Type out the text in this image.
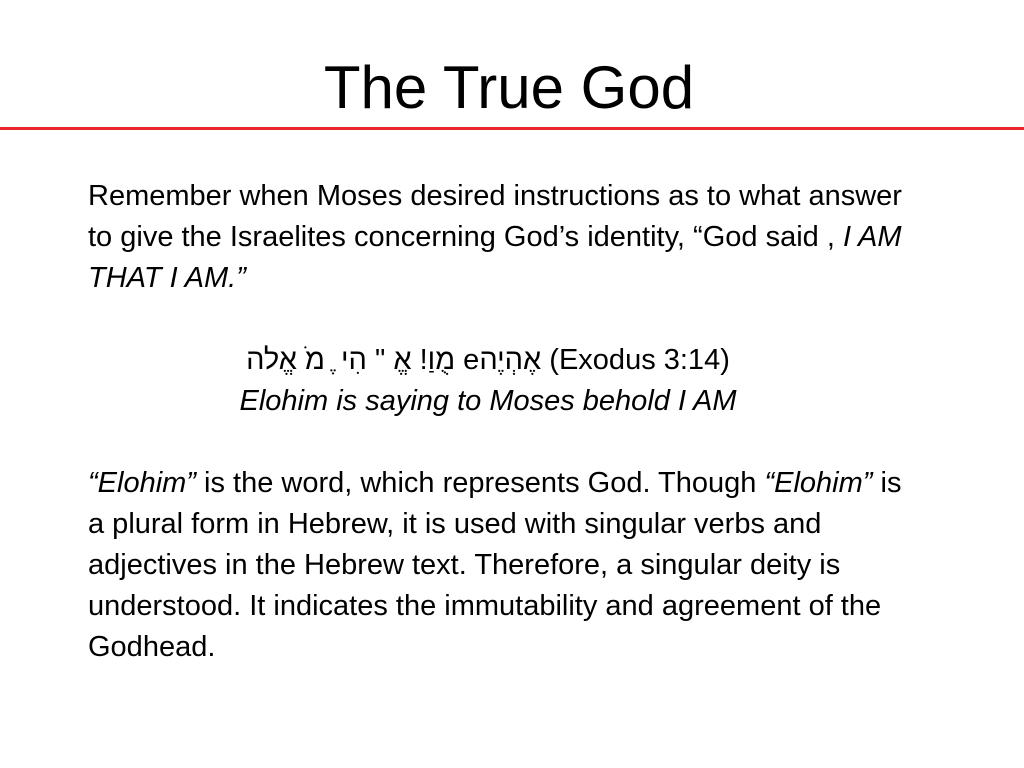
The True God

Remember when Moses desired instructions as to what answer to give the Israelites concerning God’s identity, “God said , I AM THAT I AM.”

מֻוַ! אֱ " הִי ֶ מֹ אֱלה eאֶהְיֶה (Exodus 3:14)

Elohim is saying to Moses behold I AM

“Elohim” is the word, which represents God. Though “Elohim” is a plural form in Hebrew, it is used with singular verbs and adjectives in the Hebrew text. Therefore, a singular deity is understood. It indicates the immutability and agreement of the Godhead.
